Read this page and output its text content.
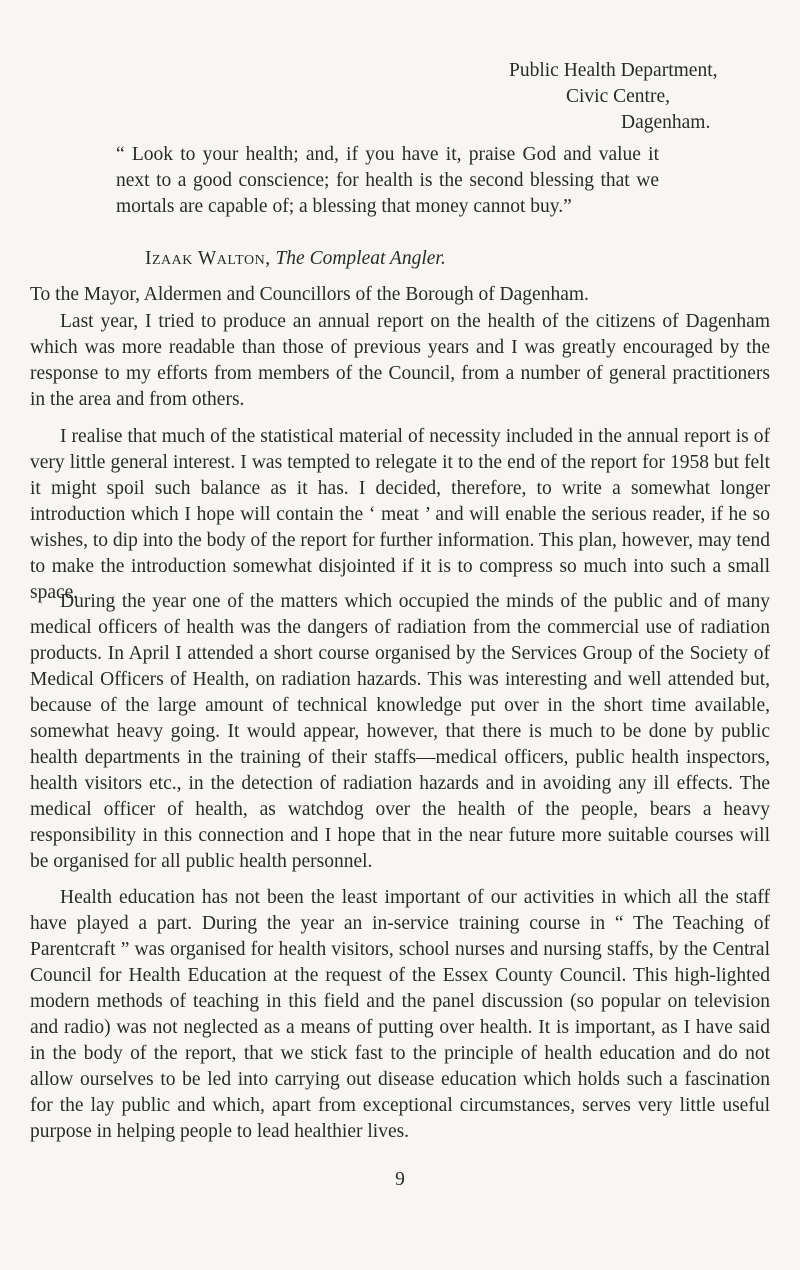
Public Health Department,
Civic Centre,
Dagenham.
“ Look to your health; and, if you have it, praise God and value it next to a good conscience; for health is the second blessing that we mortals are capable of; a blessing that money cannot buy.”
Izaak Walton, The Compleat Angler.
To the Mayor, Aldermen and Councillors of the Borough of Dagenham.

Last year, I tried to produce an annual report on the health of the citizens of Dagenham which was more readable than those of previous years and I was greatly encouraged by the response to my efforts from members of the Council, from a number of general practitioners in the area and from others.

I realise that much of the statistical material of necessity included in the annual report is of very little general interest. I was tempted to relegate it to the end of the report for 1958 but felt it might spoil such balance as it has. I decided, therefore, to write a somewhat longer introduction which I hope will contain the ‘ meat ’ and will enable the serious reader, if he so wishes, to dip into the body of the report for further information. This plan, however, may tend to make the introduction somewhat disjointed if it is to compress so much into such a small space.

During the year one of the matters which occupied the minds of the public and of many medical officers of health was the dangers of radiation from the commercial use of radiation products. In April I attended a short course organised by the Services Group of the Society of Medical Officers of Health, on radiation hazards. This was interesting and well attended but, because of the large amount of technical knowledge put over in the short time available, somewhat heavy going. It would appear, however, that there is much to be done by public health departments in the training of their staffs—medical officers, public health inspectors, health visitors etc., in the detection of radiation hazards and in avoiding any ill effects. The medical officer of health, as watchdog over the health of the people, bears a heavy responsibility in this connection and I hope that in the near future more suitable courses will be organised for all public health personnel.

Health education has not been the least important of our activities in which all the staff have played a part. During the year an in-service training course in “ The Teaching of Parentcraft ” was organised for health visitors, school nurses and nursing staffs, by the Central Council for Health Education at the request of the Essex County Council. This high-lighted modern methods of teaching in this field and the panel discussion (so popular on television and radio) was not neglected as a means of putting over health. It is important, as I have said in the body of the report, that we stick fast to the principle of health education and do not allow ourselves to be led into carrying out disease education which holds such a fascination for the lay public and which, apart from exceptional circumstances, serves very little useful purpose in helping people to lead healthier lives.

9
